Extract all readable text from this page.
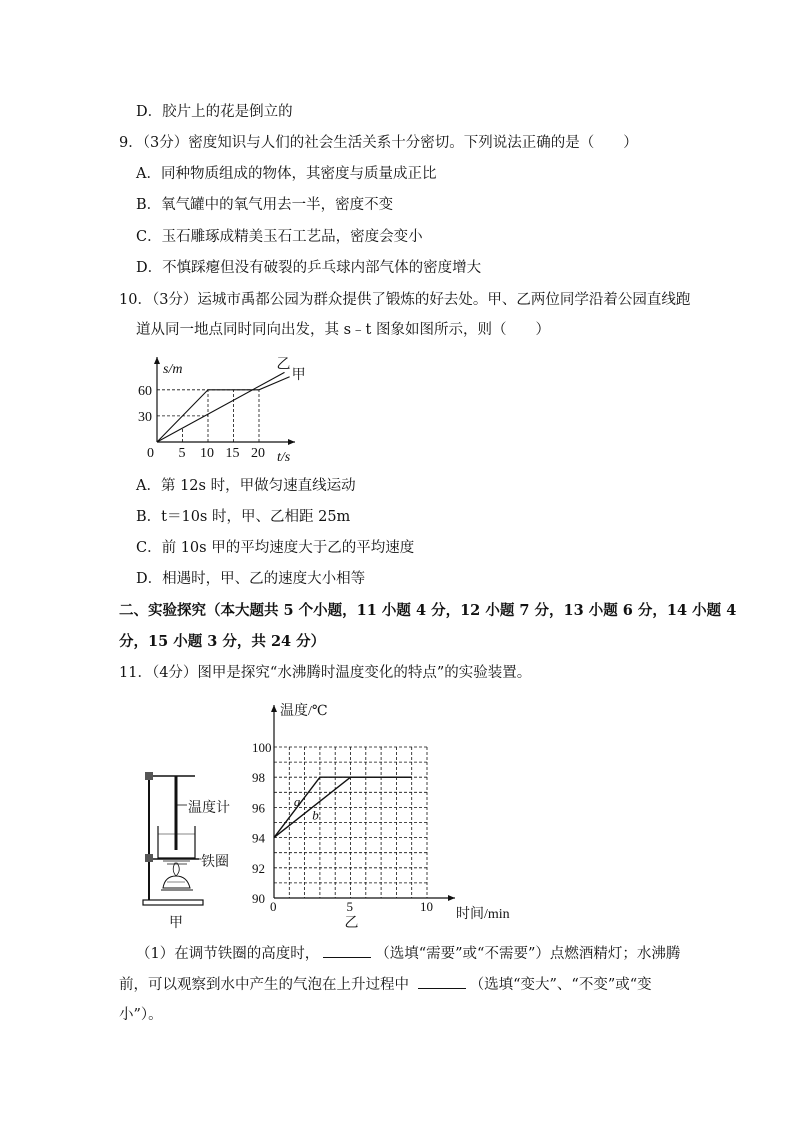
D．胶片上的花是倒立的
9．（3分）密度知识与人们的社会生活关系十分密切。下列说法正确的是（　　）
A．同种物质组成的物体，其密度与质量成正比
B．氧气罐中的氧气用去一半，密度不变
C．玉石雕琢成精美玉石工艺品，密度会变小
D．不慎踩瘪但没有破裂的乒乓球内部气体的密度增大
10．（3分）运城市禹都公园为群众提供了锻炼的好去处。甲、乙两位同学沿着公园直线跑
道从同一地点同时同向出发，其 s﹣t 图象如图所示，则（　　）
s/m
t/s
0
30
60
5 10 15 20
乙
甲
A．第 12s 时，甲做匀速直线运动
B．t＝10s 时，甲、乙相距 25m
C．前 10s 甲的平均速度大于乙的平均速度
D．相遇时，甲、乙的速度大小相等
二、实验探究（本大题共 5 个小题，11 小题 4 分，12 小题 7 分，13 小题 6 分，14 小题 4
分，15 小题 3 分，共 24 分）
11．（4分）图甲是探究“水沸腾时温度变化的特点”的实验装置。
温度计
铁圈
甲
温度/℃
时间/min
90
92
94
96
98
100
0	5	10
乙
a
b
（1）在调节铁圈的高度时，	（选填“需要”或“不需要”）点燃酒精灯；水沸腾
前，可以观察到水中产生的气泡在上升过程中	（选填“变大”、“不变”或“变
小”）。
